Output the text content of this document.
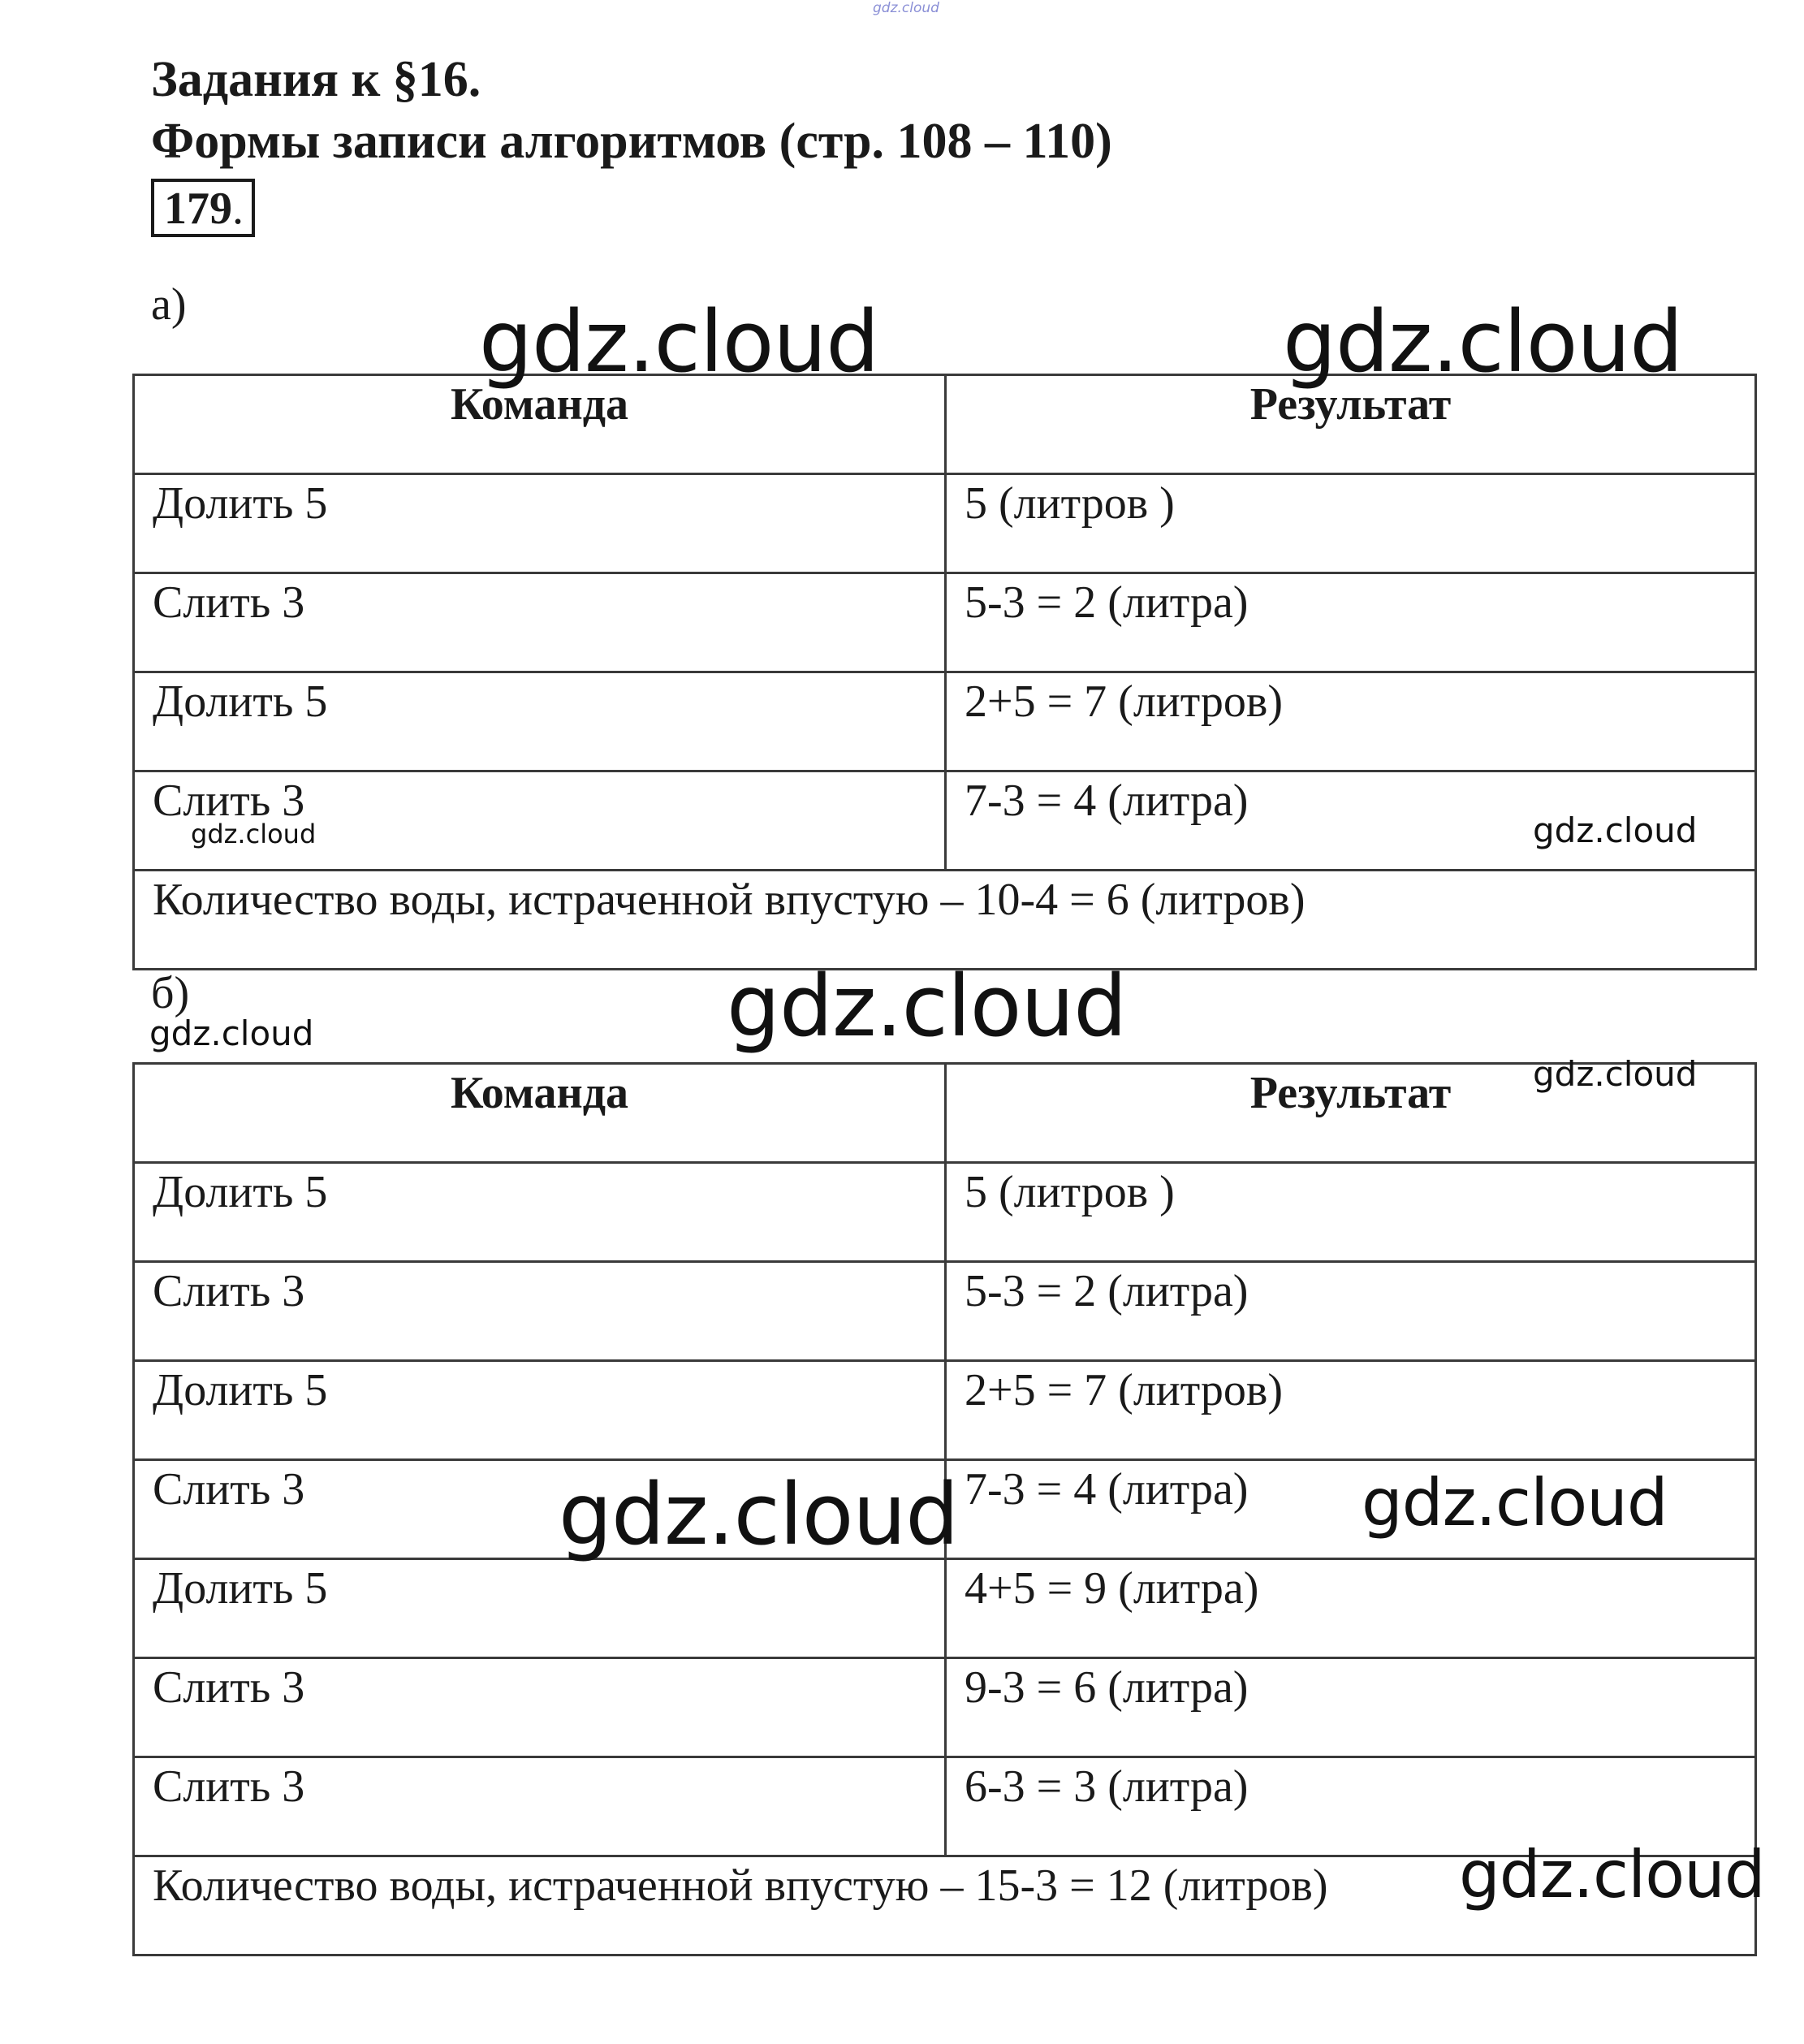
gdz.cloud
Задания к §16.
Формы записи алгоритмов (стр. 108 – 110)
179.
а)
Команда	Результат
Долить 5	5 (литров )
Слить 3	5-3 = 2 (литра)
Долить 5	2+5 = 7 (литров)
Слить 3	7-3 = 4 (литра)
Количество воды, истраченной впустую – 10-4 = 6 (литров)	
б)
Команда	Результат
Долить 5	5 (литров )
Слить 3	5-3 = 2 (литра)
Долить 5	2+5 = 7 (литров)
Слить 3	7-3 = 4 (литра)
Долить 5	4+5 = 9 (литра)
Слить 3	9-3 = 6 (литра)
Слить 3	6-3 = 3 (литра)
Количество воды, истраченной впустую – 15-3 = 12 (литров)	
gdz.cloud	gdz.cloud
gdz.cloud	gdz.cloud
gdz.cloud
gdz.cloud
gdz.cloud
gdz.cloud	gdz.cloud
gdz.cloud
